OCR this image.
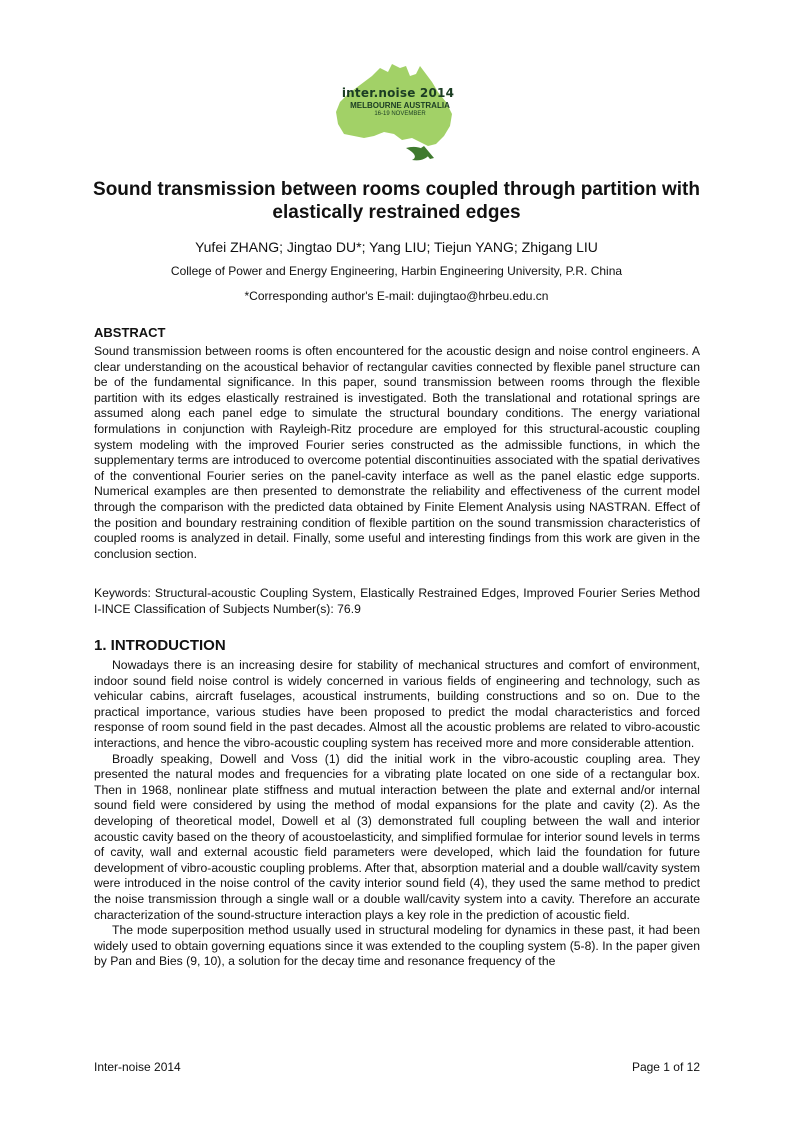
inter.noise 2014
MELBOURNE AUSTRALIA
16-19 NOVEMBER
Sound transmission between rooms coupled through partition with elastically restrained edges
Yufei ZHANG; Jingtao DU*; Yang LIU; Tiejun YANG; Zhigang LIU
College of Power and Energy Engineering, Harbin Engineering University, P.R. China
*Corresponding author's E-mail: dujingtao@hrbeu.edu.cn
ABSTRACT
Sound transmission between rooms is often encountered for the acoustic design and noise control engineers. A clear understanding on the acoustical behavior of rectangular cavities connected by flexible panel structure can be of the fundamental significance. In this paper, sound transmission between rooms through the flexible partition with its edges elastically restrained is investigated. Both the translational and rotational springs are assumed along each panel edge to simulate the structural boundary conditions. The energy variational formulations in conjunction with Rayleigh-Ritz procedure are employed for this structural-acoustic coupling system modeling with the improved Fourier series constructed as the admissible functions, in which the supplementary terms are introduced to overcome potential discontinuities associated with the spatial derivatives of the conventional Fourier series on the panel-cavity interface as well as the panel elastic edge supports. Numerical examples are then presented to demonstrate the reliability and effectiveness of the current model through the comparison with the predicted data obtained by Finite Element Analysis using NASTRAN. Effect of the position and boundary restraining condition of flexible partition on the sound transmission characteristics of coupled rooms is analyzed in detail. Finally, some useful and interesting findings from this work are given in the conclusion section.
Keywords: Structural-acoustic Coupling System, Elastically Restrained Edges, Improved Fourier Series Method I-INCE Classification of Subjects Number(s): 76.9
1. INTRODUCTION

Nowadays there is an increasing desire for stability of mechanical structures and comfort of environment, indoor sound field noise control is widely concerned in various fields of engineering and technology, such as vehicular cabins, aircraft fuselages, acoustical instruments, building constructions and so on. Due to the practical importance, various studies have been proposed to predict the modal characteristics and forced response of room sound field in the past decades. Almost all the acoustic problems are related to vibro-acoustic interactions, and hence the vibro-acoustic coupling system has received more and more considerable attention.

Broadly speaking, Dowell and Voss (1) did the initial work in the vibro-acoustic coupling area. They presented the natural modes and frequencies for a vibrating plate located on one side of a rectangular box. Then in 1968, nonlinear plate stiffness and mutual interaction between the plate and external and/or internal sound field were considered by using the method of modal expansions for the plate and cavity (2). As the developing of theoretical model, Dowell et al (3) demonstrated full coupling between the wall and interior acoustic cavity based on the theory of acoustoelasticity, and simplified formulae for interior sound levels in terms of cavity, wall and external acoustic field parameters were developed, which laid the foundation for future development of vibro-acoustic coupling problems. After that, absorption material and a double wall/cavity system were introduced in the noise control of the cavity interior sound field (4), they used the same method to predict the noise transmission through a single wall or a double wall/cavity system into a cavity. Therefore an accurate characterization of the sound-structure interaction plays a key role in the prediction of acoustic field.

The mode superposition method usually used in structural modeling for dynamics in these past, it had been widely used to obtain governing equations since it was extended to the coupling system (5-8). In the paper given by Pan and Bies (9, 10), a solution for the decay time and resonance frequency of the

Inter-noise 2014	Page 1 of 12
